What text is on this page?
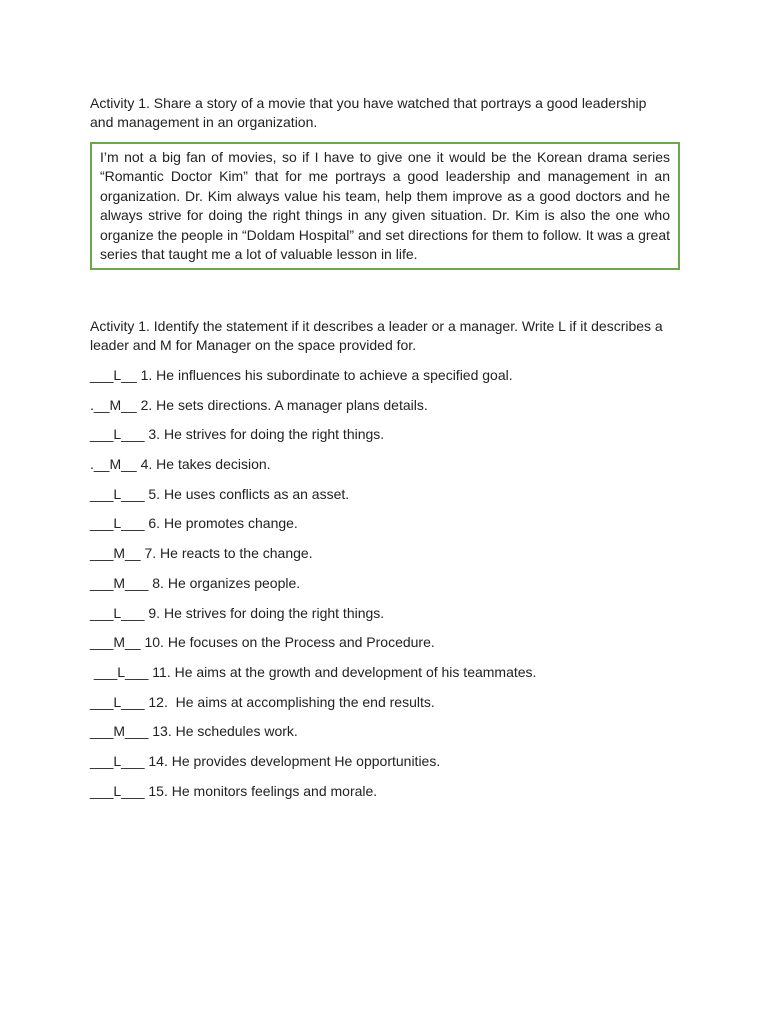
Activity 1. Share a story of a movie that you have watched that portrays a good leadership and management in an organization.

I’m not a big fan of movies, so if I have to give one it would be the Korean drama series “Romantic Doctor Kim” that for me portrays a good leadership and management in an organization. Dr. Kim always value his team, help them improve as a good doctors and he always strive for doing the right things in any given situation. Dr. Kim is also the one who organize the people in “Doldam Hospital” and set directions for them to follow. It was a great series that taught me a lot of valuable lesson in life.

Activity 1. Identify the statement if it describes a leader or a manager. Write L if it describes a leader and M for Manager on the space provided for.

___L__ 1. He influences his subordinate to achieve a specified goal.
.__M__ 2. He sets directions. A manager plans details.
___L___ 3. He strives for doing the right things.
.__M__ 4. He takes decision.
___L___ 5. He uses conflicts as an asset.
___L___ 6. He promotes change.
___M__ 7. He reacts to the change.
___M___ 8. He organizes people.
___L___ 9. He strives for doing the right things.
___M__ 10. He focuses on the Process and Procedure.
___L___ 11. He aims at the growth and development of his teammates.
___L___ 12.  He aims at accomplishing the end results.
___M___ 13. He schedules work.
___L___ 14. He provides development He opportunities.
___L___ 15. He monitors feelings and morale.
